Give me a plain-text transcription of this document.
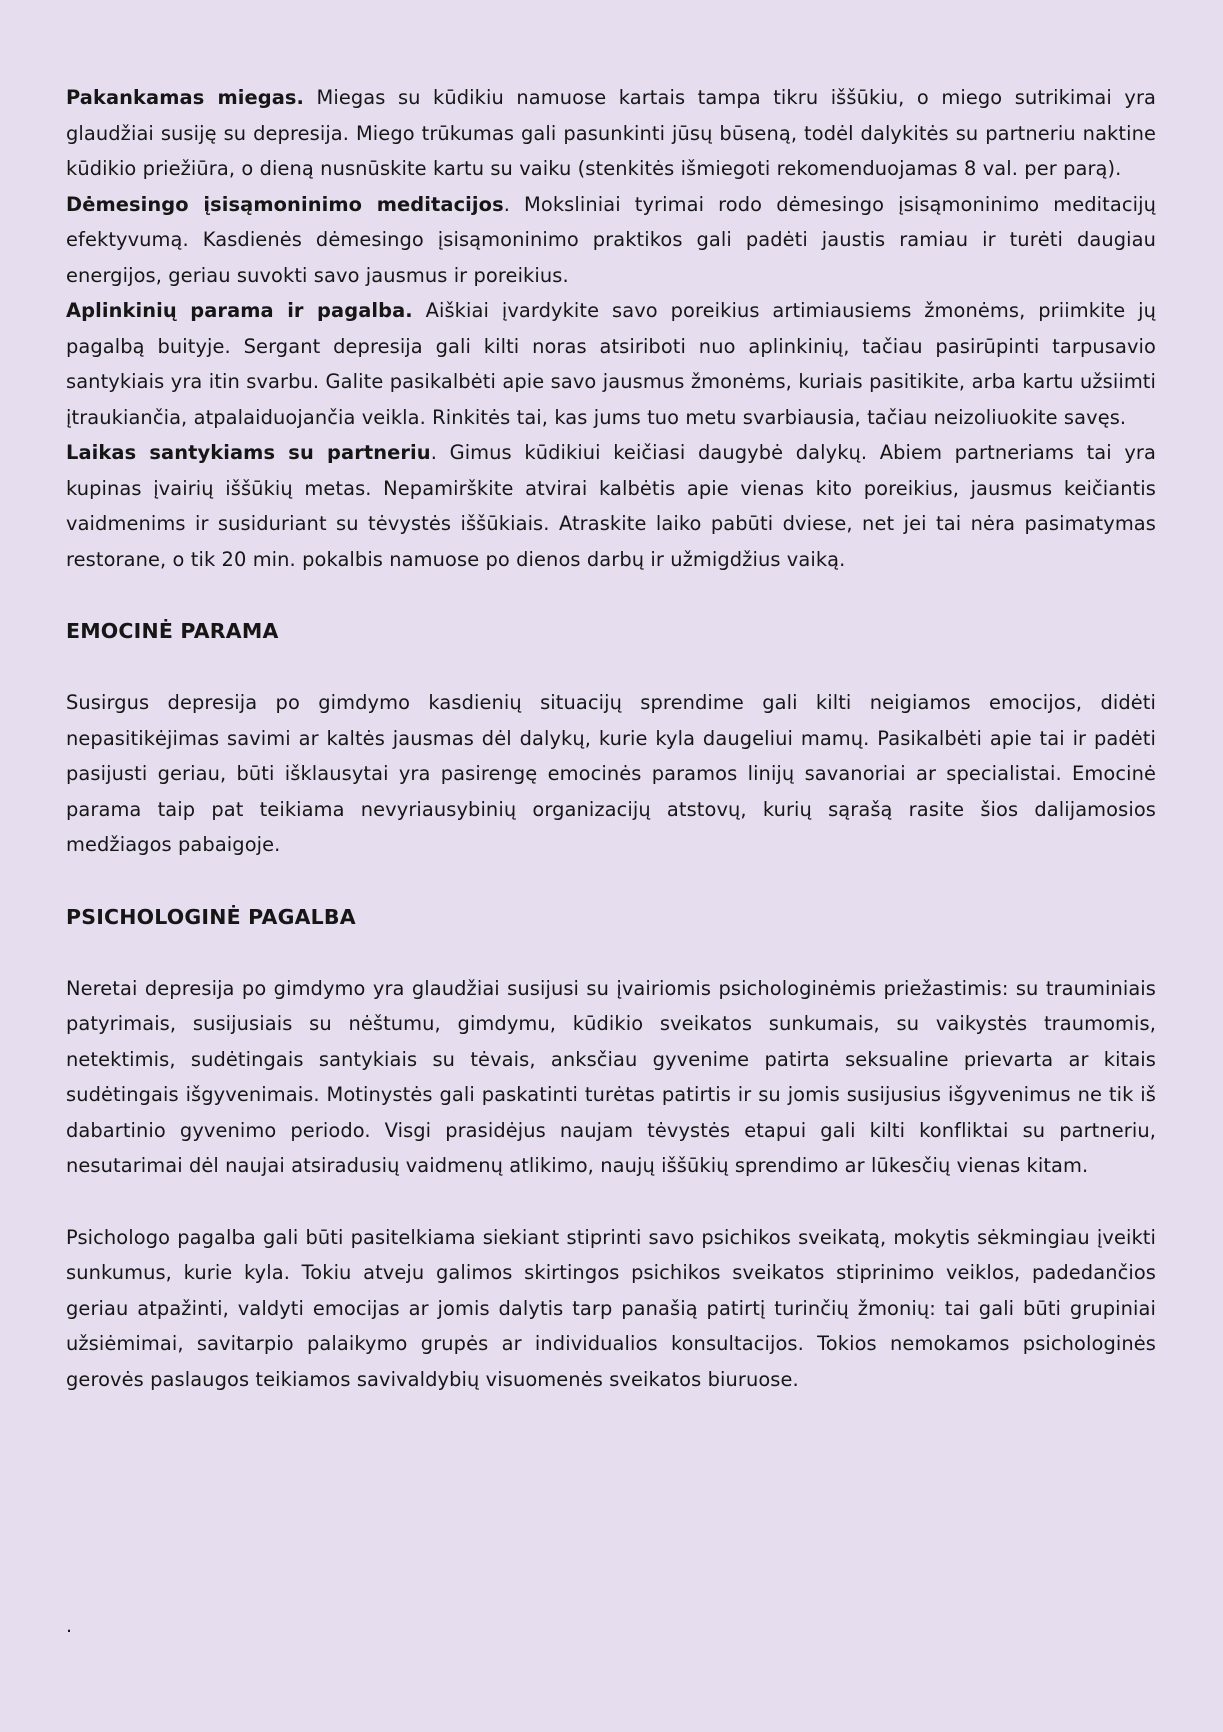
Pakankamas miegas. Miegas su kūdikiu namuose kartais tampa tikru iššūkiu, o miego sutrikimai yra glaudžiai susiję su depresija. Miego trūkumas gali pasunkinti jūsų būseną, todėl dalykitės su partneriu naktine kūdikio priežiūra, o dieną nusnūskite kartu su vaiku (stenkitės išmiegoti rekomenduojamas 8 val. per parą).

Dėmesingo įsisąmoninimo meditacijos. Moksliniai tyrimai rodo dėmesingo įsisąmoninimo meditacijų efektyvumą. Kasdienės dėmesingo įsisąmoninimo praktikos gali padėti jaustis ramiau ir turėti daugiau energijos, geriau suvokti savo jausmus ir poreikius.

Aplinkinių parama ir pagalba. Aiškiai įvardykite savo poreikius artimiausiems žmonėms, priimkite jų pagalbą buityje. Sergant depresija gali kilti noras atsiriboti nuo aplinkinių, tačiau pasirūpinti tarpusavio santykiais yra itin svarbu. Galite pasikalbėti apie savo jausmus žmonėms, kuriais pasitikite, arba kartu užsiimti įtraukiančia, atpalaiduojančia veikla. Rinkitės tai, kas jums tuo metu svarbiausia, tačiau neizoliuokite savęs.

Laikas santykiams su partneriu. Gimus kūdikiui keičiasi daugybė dalykų. Abiem partneriams tai yra kupinas įvairių iššūkių metas. Nepamirškite atvirai kalbėtis apie vienas kito poreikius, jausmus keičiantis vaidmenims ir susiduriant su tėvystės iššūkiais. Atraskite laiko pabūti dviese, net jei tai nėra pasimatymas restorane, o tik 20 min. pokalbis namuose po dienos darbų ir užmigdžius vaiką.

EMOCINĖ PARAMA

Susirgus depresija po gimdymo kasdienių situacijų sprendime gali kilti neigiamos emocijos, didėti nepasitikėjimas savimi ar kaltės jausmas dėl dalykų, kurie kyla daugeliui mamų. Pasikalbėti apie tai ir padėti pasijusti geriau, būti išklausytai yra pasirengę emocinės paramos linijų savanoriai ar specialistai. Emocinė parama taip pat teikiama nevyriausybinių organizacijų atstovų, kurių sąrašą rasite šios dalijamosios medžiagos pabaigoje.

PSICHOLOGINĖ PAGALBA

Neretai depresija po gimdymo yra glaudžiai susijusi su įvairiomis psichologinėmis priežastimis: su trauminiais patyrimais, susijusiais su nėštumu, gimdymu, kūdikio sveikatos sunkumais, su vaikystės traumomis, netektimis, sudėtingais santykiais su tėvais, anksčiau gyvenime patirta seksualine prievarta ar kitais sudėtingais išgyvenimais. Motinystės gali paskatinti turėtas patirtis ir su jomis susijusius išgyvenimus ne tik iš dabartinio gyvenimo periodo. Visgi prasidėjus naujam tėvystės etapui gali kilti konfliktai su partneriu, nesutarimai dėl naujai atsiradusių vaidmenų atlikimo, naujų iššūkių sprendimo ar lūkesčių vienas kitam.

Psichologo pagalba gali būti pasitelkiama siekiant stiprinti savo psichikos sveikatą, mokytis sėkmingiau įveikti sunkumus, kurie kyla. Tokiu atveju galimos skirtingos psichikos sveikatos stiprinimo veiklos, padedančios geriau atpažinti, valdyti emocijas ar jomis dalytis tarp panašią patirtį turinčių žmonių: tai gali būti grupiniai užsiėmimai, savitarpio palaikymo grupės ar individualios konsultacijos. Tokios nemokamos psichologinės gerovės paslaugos teikiamos savivaldybių visuomenės sveikatos biuruose.

.
